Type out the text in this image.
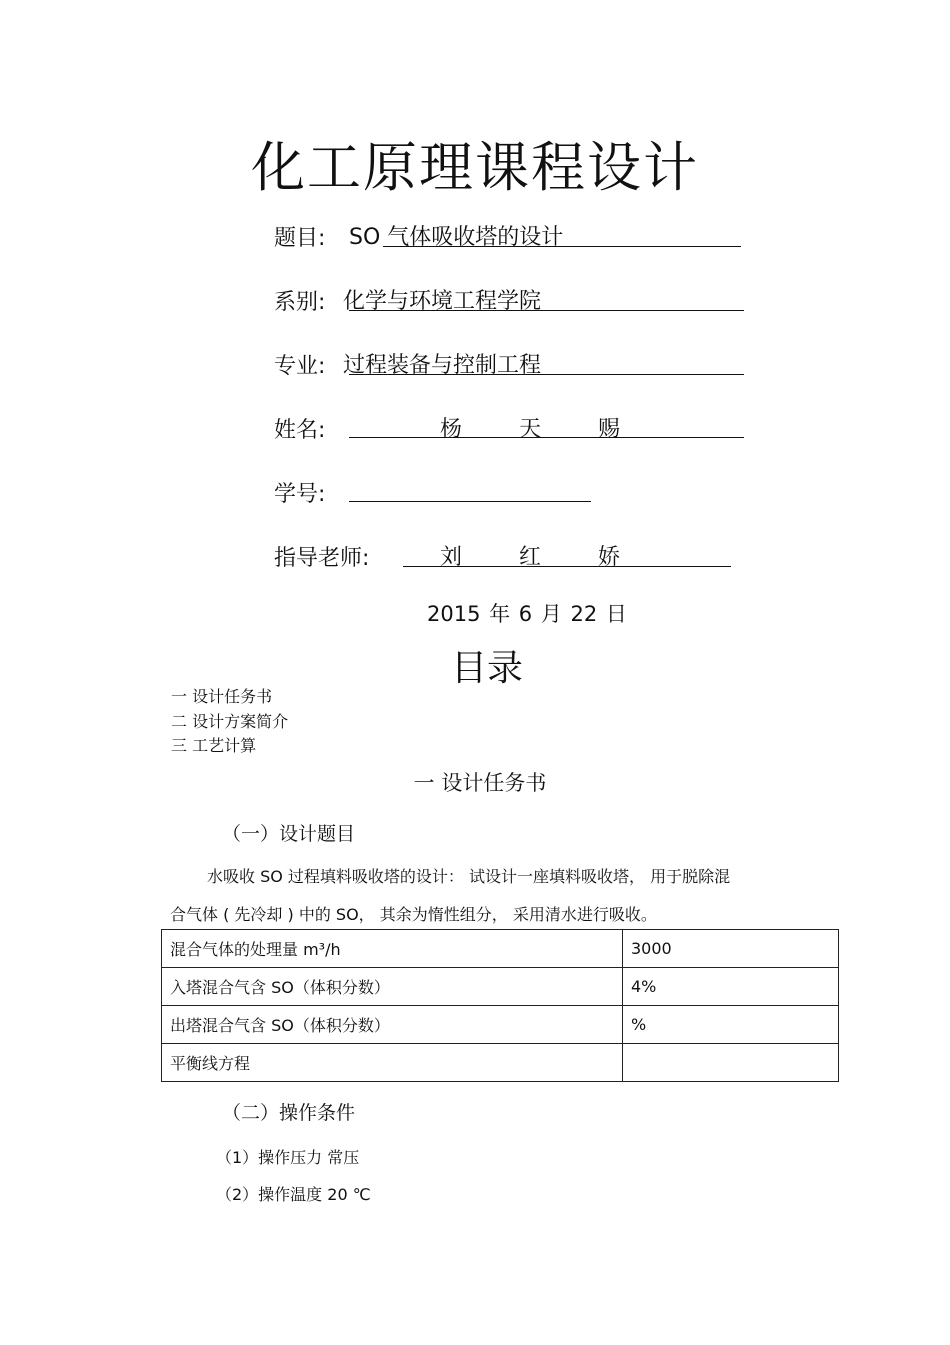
化工原理课程设计
题目: SO 气体吸收塔的设计
系别: 化学与环境工程学院
专业: 过程装备与控制工程
姓名:	杨 天 赐
学号:
指导老师:	刘 红 娇
2015 年 6 月 22 日
目录
一 设计任务书
二 设计方案简介
三 工艺计算
一 设计任务书
（一）设计题目
水吸收 SO 过程填料吸收塔的设计： 试设计一座填料吸收塔， 用于脱除混
合气体 ( 先冷却 ) 中的 SO， 其余为惰性组分， 采用清水进行吸收。
混合气体的处理量 m³/h	3000
入塔混合气含 SO（体积分数）	4%
出塔混合气含 SO（体积分数）	%
平衡线方程	
（二）操作条件
（1）操作压力 常压
（2）操作温度 20 ℃
